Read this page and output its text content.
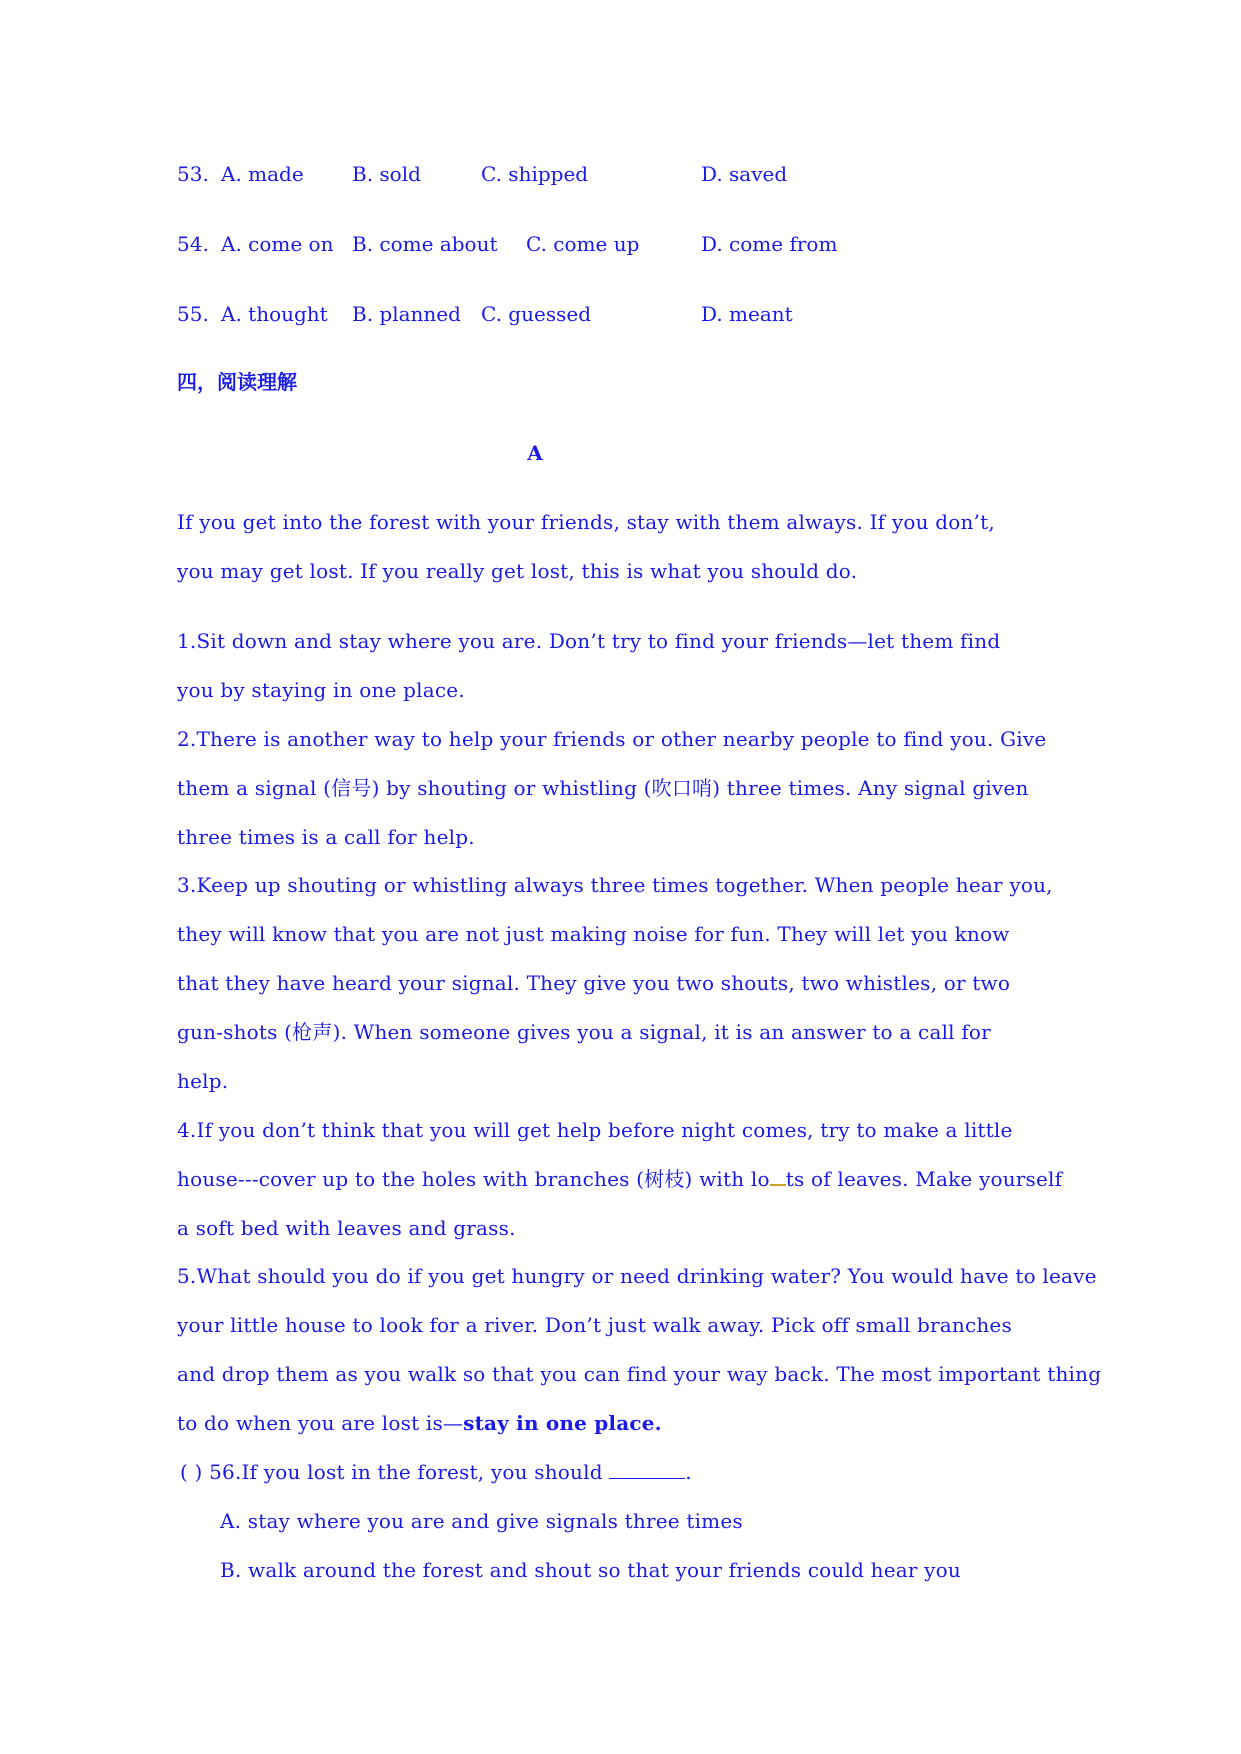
53. A. made B. sold	C. shipped	D. saved
54. A. come on B. come about C. come up	D. come from
55. A. thought B. planned C. guessed	D. meant
四，阅读理解
A
If you get into the forest with your friends, stay with them always. If you don’t,
you may get lost. If you really get lost, this is what you should do.
1.Sit down and stay where you are. Don’t try to find your friends—let them find
you by staying in one place.
2.There is another way to help your friends or other nearby people to find you. Give
them a signal (信号) by shouting or whistling (吹口哨) three times. Any signal given
three times is a call for help.
3.Keep up shouting or whistling always three times together. When people hear you,
they will know that you are not just making noise for fun. They will let you know
that they have heard your signal. They give you two shouts, two whistles, or two
gun-shots (枪声). When someone gives you a signal, it is an answer to a call for
help.
4.If you don’t think that you will get help before night comes, try to make a little
house---cover up to the holes with branches (树枝) with lo ts of leaves. Make yourself
a soft bed with leaves and grass.
5.What should you do if you get hungry or need drinking water? You would have to leave
your little house to look for a river. Don’t just walk away. Pick off small branches
and drop them as you walk so that you can find your way back. The most important thing
to do when you are lost is—stay in one place.
( ) 56.If you lost in the forest, you should	.
A. stay where you are and give signals three times
B. walk around the forest and shout so that your friends could hear you
